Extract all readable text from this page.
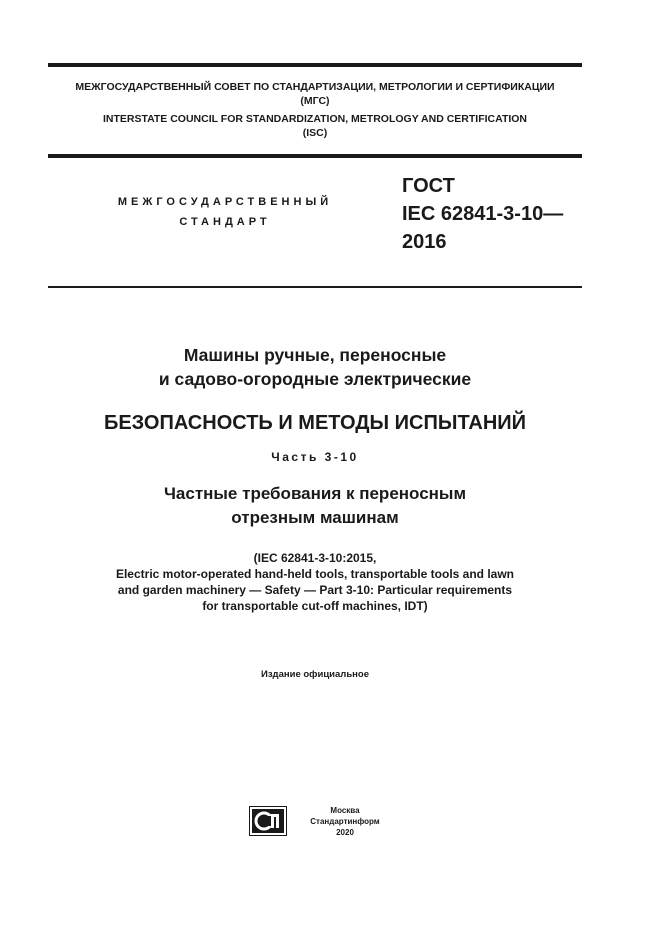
МЕЖГОСУДАРСТВЕННЫЙ СОВЕТ ПО СТАНДАРТИЗАЦИИ, МЕТРОЛОГИИ И СЕРТИФИКАЦИИ
(МГС)
INTERSTATE COUNCIL FOR STANDARDIZATION, METROLOGY AND CERTIFICATION
(ISC)
МЕЖГОСУДАРСТВЕННЫЙ
СТАНДАРТ
ГОСТ
IEC 62841-3-10—
2016
Машины ручные, переносные
и садово-огородные электрические
БЕЗОПАСНОСТЬ И МЕТОДЫ ИСПЫТАНИЙ
Часть 3-10
Частные требования к переносным
отрезным машинам
(IEC 62841-3-10:2015,
Electric motor-operated hand-held tools, transportable tools and lawn
and garden machinery — Safety — Part 3-10: Particular requirements
for transportable cut-off machines, IDT)
Издание официальное
Москва
Стандартинформ
2020
